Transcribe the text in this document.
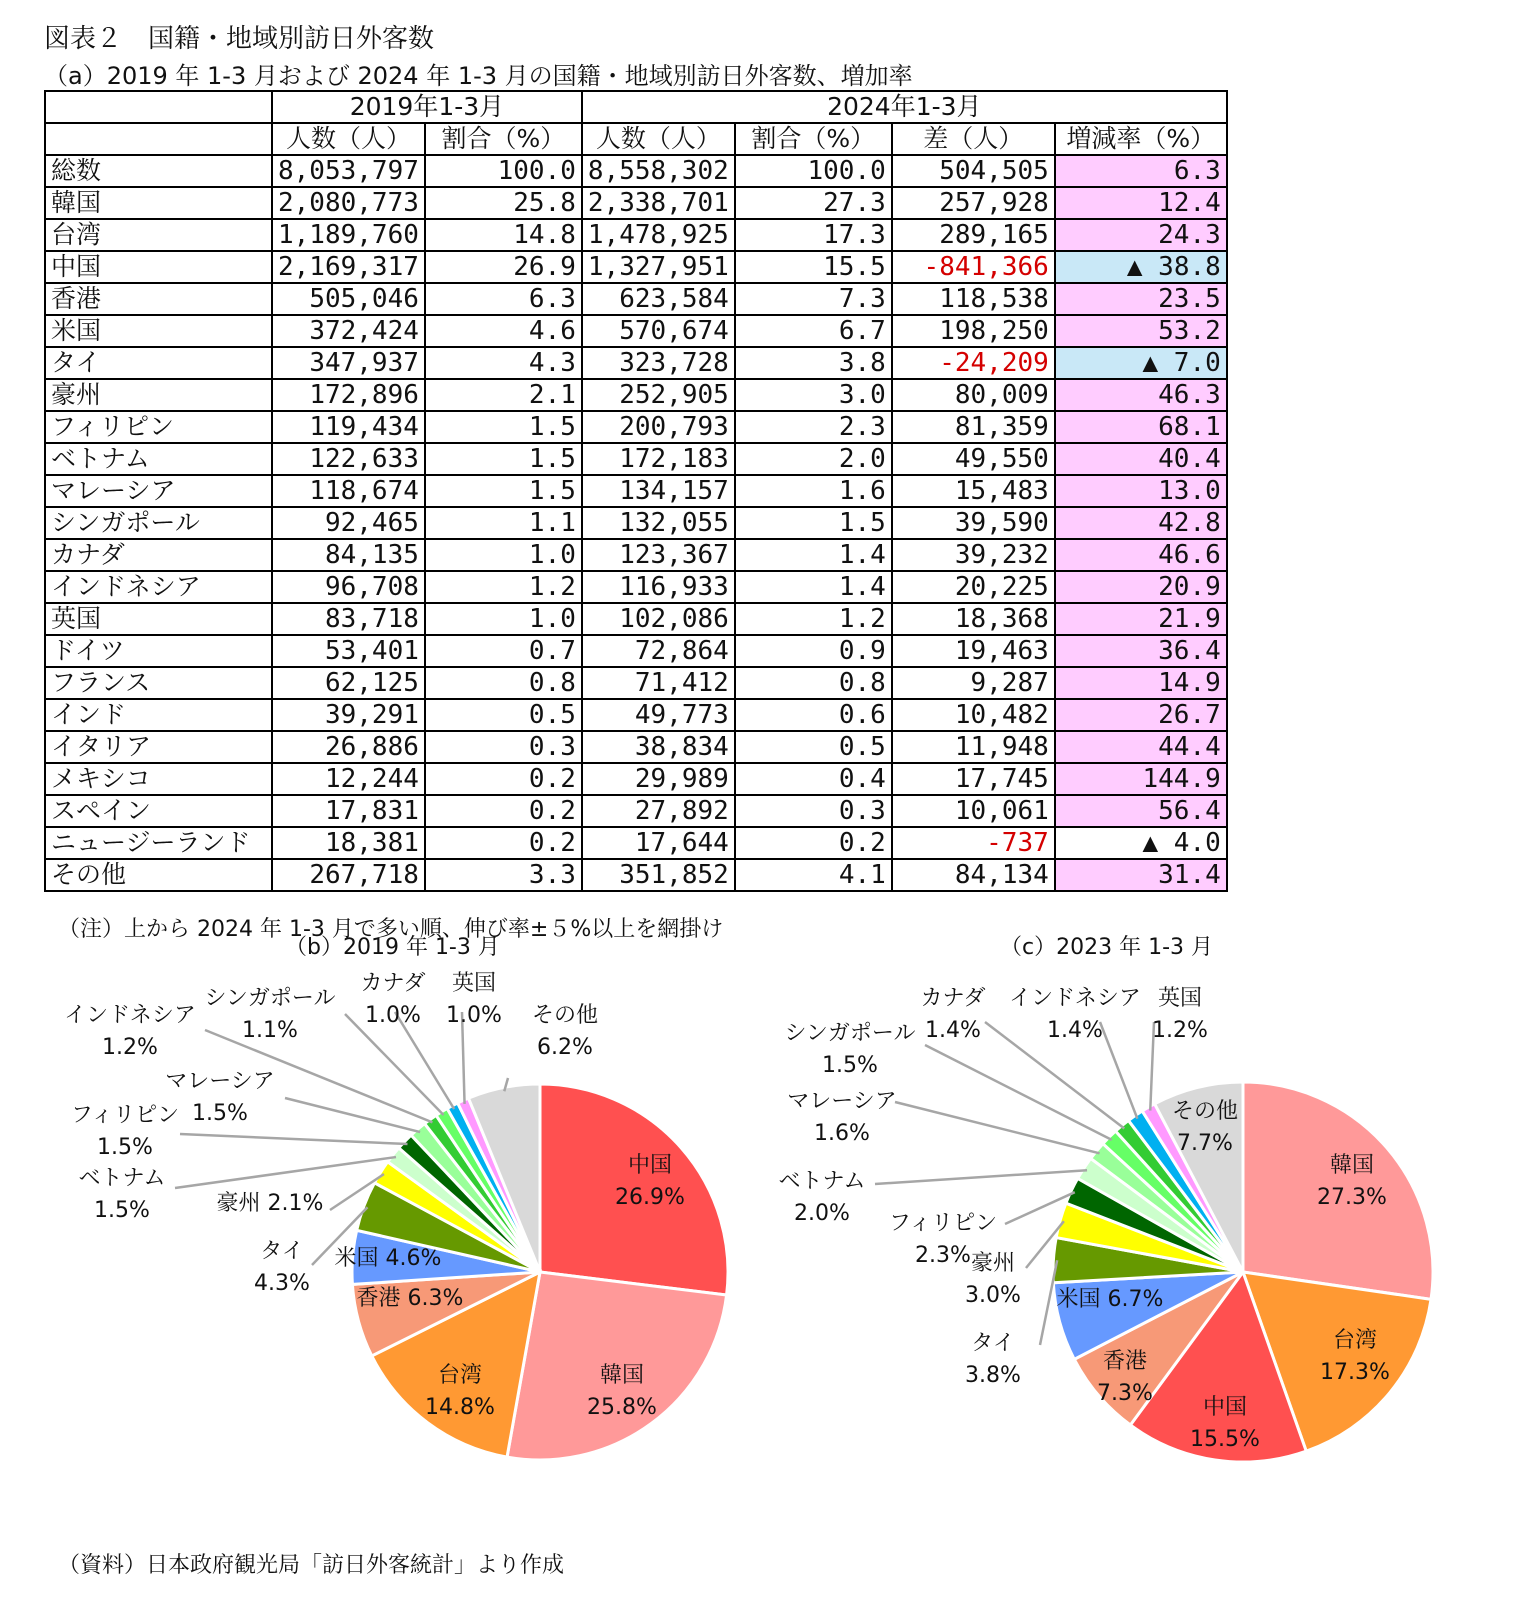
図表２　国籍・地域別訪日外客数
（a）2019 年 1-3 月および 2024 年 1-3 月の国籍・地域別訪日外客数、増加率
	2019年1-3月		2024年1-3月			
	人数（人）	割合（%）	人数（人）	割合（%）	差（人）	増減率（%）
総数	8,053,797	100.0	8,558,302	100.0	504,505	6.3
韓国	2,080,773	25.8	2,338,701	27.3	257,928	12.4
台湾	1,189,760	14.8	1,478,925	17.3	289,165	24.3
中国	2,169,317	26.9	1,327,951	15.5	-841,366	▲ 38.8
香港	505,046	6.3	623,584	7.3	118,538	23.5
米国	372,424	4.6	570,674	6.7	198,250	53.2
タイ	347,937	4.3	323,728	3.8	-24,209	▲ 7.0
豪州	172,896	2.1	252,905	3.0	80,009	46.3
フィリピン	119,434	1.5	200,793	2.3	81,359	68.1
ベトナム	122,633	1.5	172,183	2.0	49,550	40.4
マレーシア	118,674	1.5	134,157	1.6	15,483	13.0
シンガポール	92,465	1.1	132,055	1.5	39,590	42.8
カナダ	84,135	1.0	123,367	1.4	39,232	46.6
インドネシア	96,708	1.2	116,933	1.4	20,225	20.9
英国	83,718	1.0	102,086	1.2	18,368	21.9
ドイツ	53,401	0.7	72,864	0.9	19,463	36.4
フランス	62,125	0.8	71,412	0.8	9,287	14.9
インド	39,291	0.5	49,773	0.6	10,482	26.7
イタリア	26,886	0.3	38,834	0.5	11,948	44.4
メキシコ	12,244	0.2	29,989	0.4	17,745	144.9
スペイン	17,831	0.2	27,892	0.3	10,061	56.4
ニュージーランド	18,381	0.2	17,644	0.2	-737	▲ 4.0
その他	267,718	3.3	351,852	4.1	84,134	31.4
（注）上から 2024 年 1-3 月で多い順、伸び率±５%以上を網掛け
（b）2019 年 1-3 月	（c）2023 年 1-3 月
中国
26.9%
韓国
25.8%
台湾
14.8%
香港 6.3%
米国 4.6%
タイ
4.3%
豪州 2.1%
ベトナム
1.5%
フィリピン
1.5%
マレーシア
1.5%
インドネシア
1.2%
シンガポール
1.1%
カナダ
1.0%
英国
1.0% その他
6.2%
韓国
27.3%
台湾
17.3%
中国
15.5%
香港
7.3%
米国 6.7%
タイ
3.8%
豪州
3.0%
フィリピン
2.3%
ベトナム
2.0%
マレーシア
1.6%
シンガポール
1.5%
カナダ
1.4%
インドネシア
1.4%
英国
1.2%
その他
7.7%
（資料）日本政府観光局「訪日外客統計」より作成
